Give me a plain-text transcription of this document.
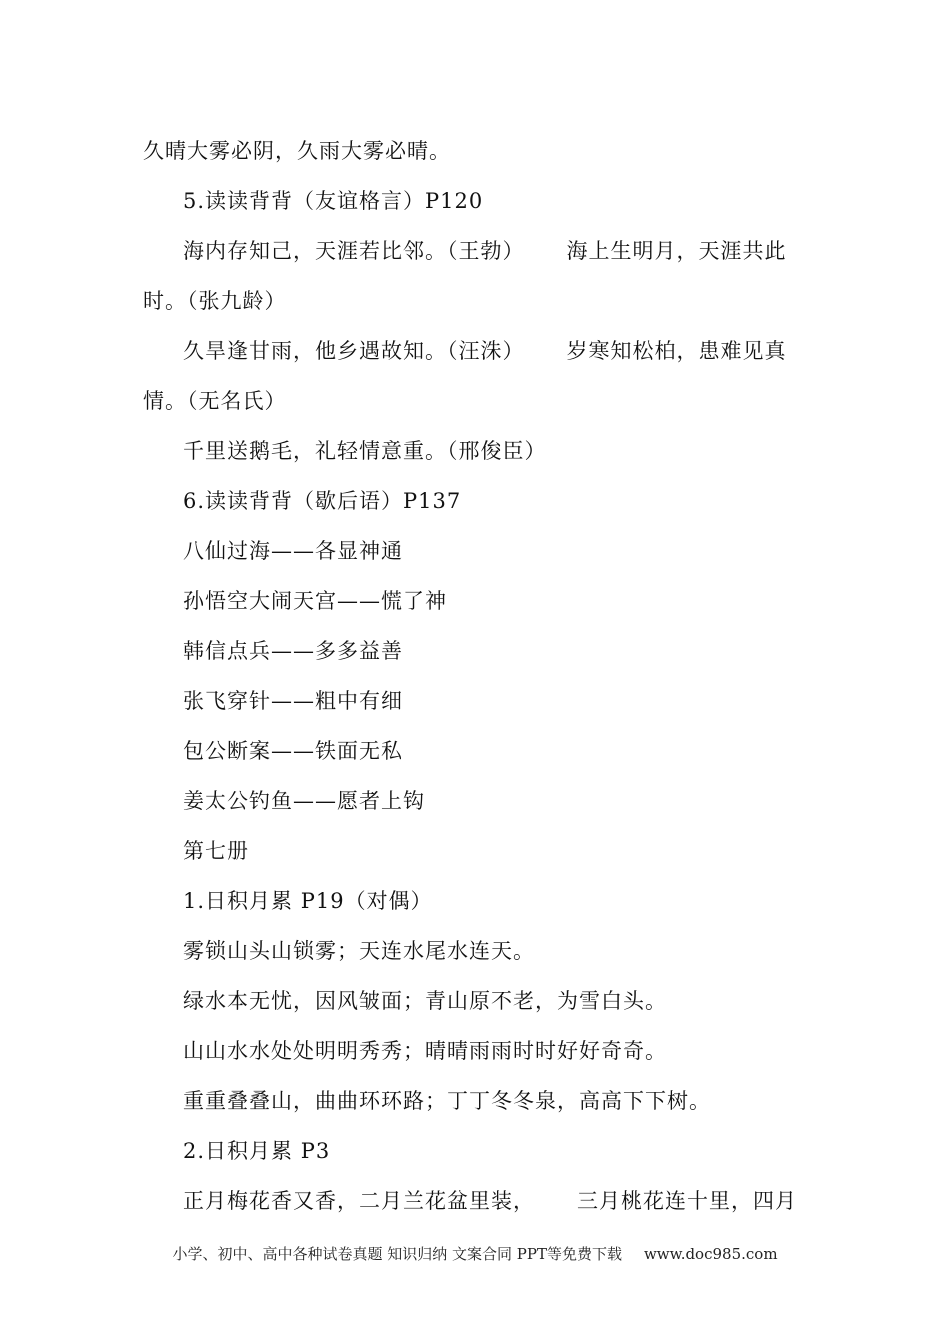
久晴大雾必阴，久雨大雾必晴。
5.读读背背（友谊格言）P120
海内存知己，天涯若比邻。（王勃） 海上生明月，天涯共此
时。（张九龄）
久旱逢甘雨，他乡遇故知。（汪洙） 岁寒知松柏，患难见真
情。（无名氏）
千里送鹅毛，礼轻情意重。（邢俊臣）
6.读读背背（歇后语）P137
八仙过海——各显神通
孙悟空大闹天宫——慌了神
韩信点兵——多多益善
张飞穿针——粗中有细
包公断案——铁面无私
姜太公钓鱼——愿者上钩
第七册
1.日积月累 P19（对偶）
雾锁山头山锁雾；天连水尾水连天。
绿水本无忧，因风皱面；青山原不老，为雪白头。
山山水水处处明明秀秀；晴晴雨雨时时好好奇奇。
重重叠叠山，曲曲环环路；丁丁冬冬泉，高高下下树。
2.日积月累 P3
正月梅花香又香，二月兰花盆里装， 三月桃花连十里，四月
小学、初中、高中各种试卷真题 知识归纳 文案合同 PPT等免费下载 www.doc985.com
